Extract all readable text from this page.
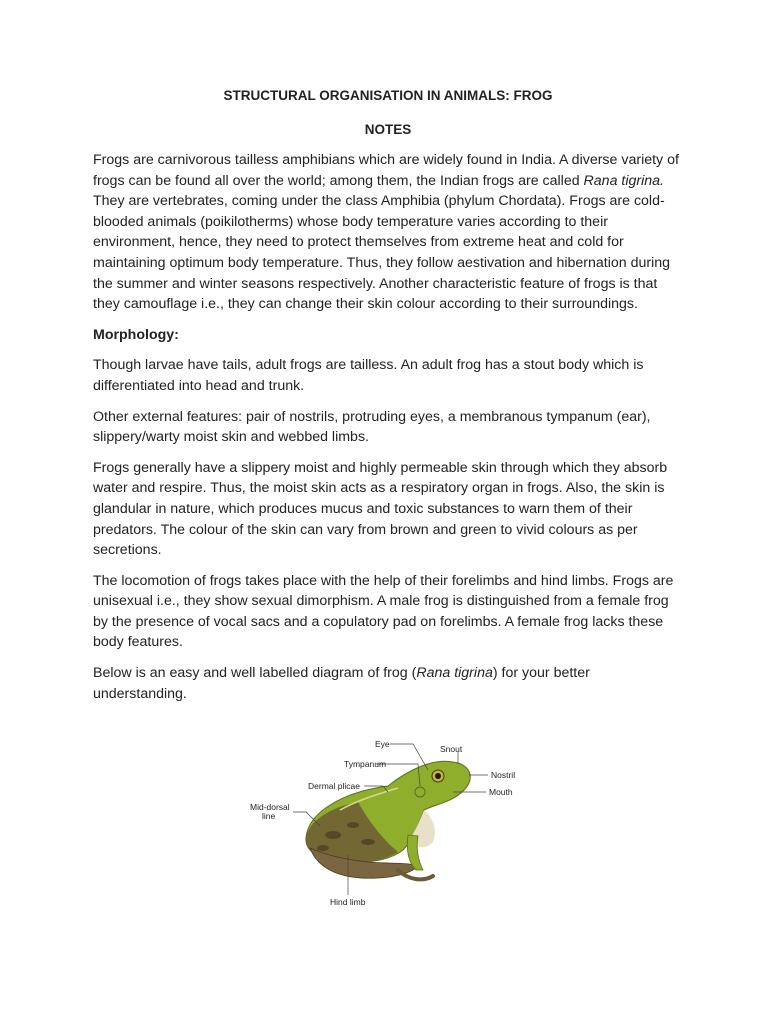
STRUCTURAL ORGANISATION IN ANIMALS: FROG
NOTES

Frogs are carnivorous tailless amphibians which are widely found in India. A diverse variety of frogs can be found all over the world; among them, the Indian frogs are called Rana tigrina. They are vertebrates, coming under the class Amphibia (phylum Chordata). Frogs are cold-blooded animals (poikilotherms) whose body temperature varies according to their environment, hence, they need to protect themselves from extreme heat and cold for maintaining optimum body temperature. Thus, they follow aestivation and hibernation during the summer and winter seasons respectively. Another characteristic feature of frogs is that they camouflage i.e., they can change their skin colour according to their surroundings.

Morphology:

Though larvae have tails, adult frogs are tailless. An adult frog has a stout body which is differentiated into head and trunk.

Other external features: pair of nostrils, protruding eyes, a membranous tympanum (ear), slippery/warty moist skin and webbed limbs.

Frogs generally have a slippery moist and highly permeable skin through which they absorb water and respire. Thus, the moist skin acts as a respiratory organ in frogs. Also, the skin is glandular in nature, which produces mucus and toxic substances to warn them of their predators. The colour of the skin can vary from brown and green to vivid colours as per secretions.

The locomotion of frogs takes place with the help of their forelimbs and hind limbs. Frogs are unisexual i.e., they show sexual dimorphism. A male frog is distinguished from a female frog by the presence of vocal sacs and a copulatory pad on forelimbs. A female frog lacks these body features.

Below is an easy and well labelled diagram of frog (Rana tigrina) for your better understanding.

Eye	Snout
Tympanum
Nostril
Dermal plicae
Mouth
Mid-dorsal
line
Hind limb
